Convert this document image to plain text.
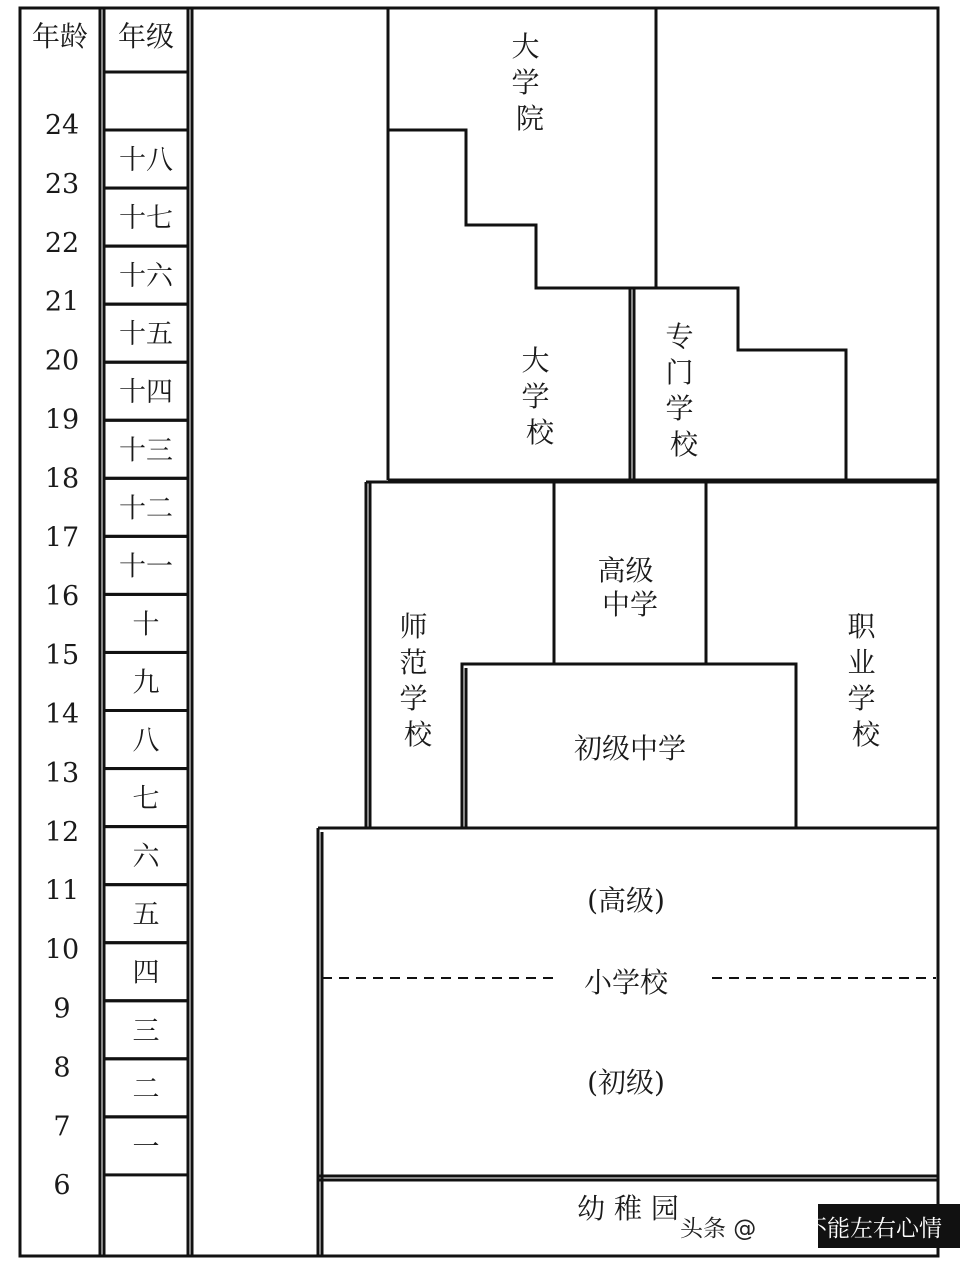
年龄 年级
24
23
22
21
20
19
18
17
16
15
14
13
12
11
10
9
8
7
6
十八
十七
十六
十五
十四
十三
十二
十一
十
九
八
七
六
五
四
三
二
一
大 学 院
大 学 校
专 门 学 校
高级 中学
师 范 学 校
职 业 学 校
初级中学
(高级)
小学校
(初级)
幼 稚 园
头条 @ 天气不能左右心情
